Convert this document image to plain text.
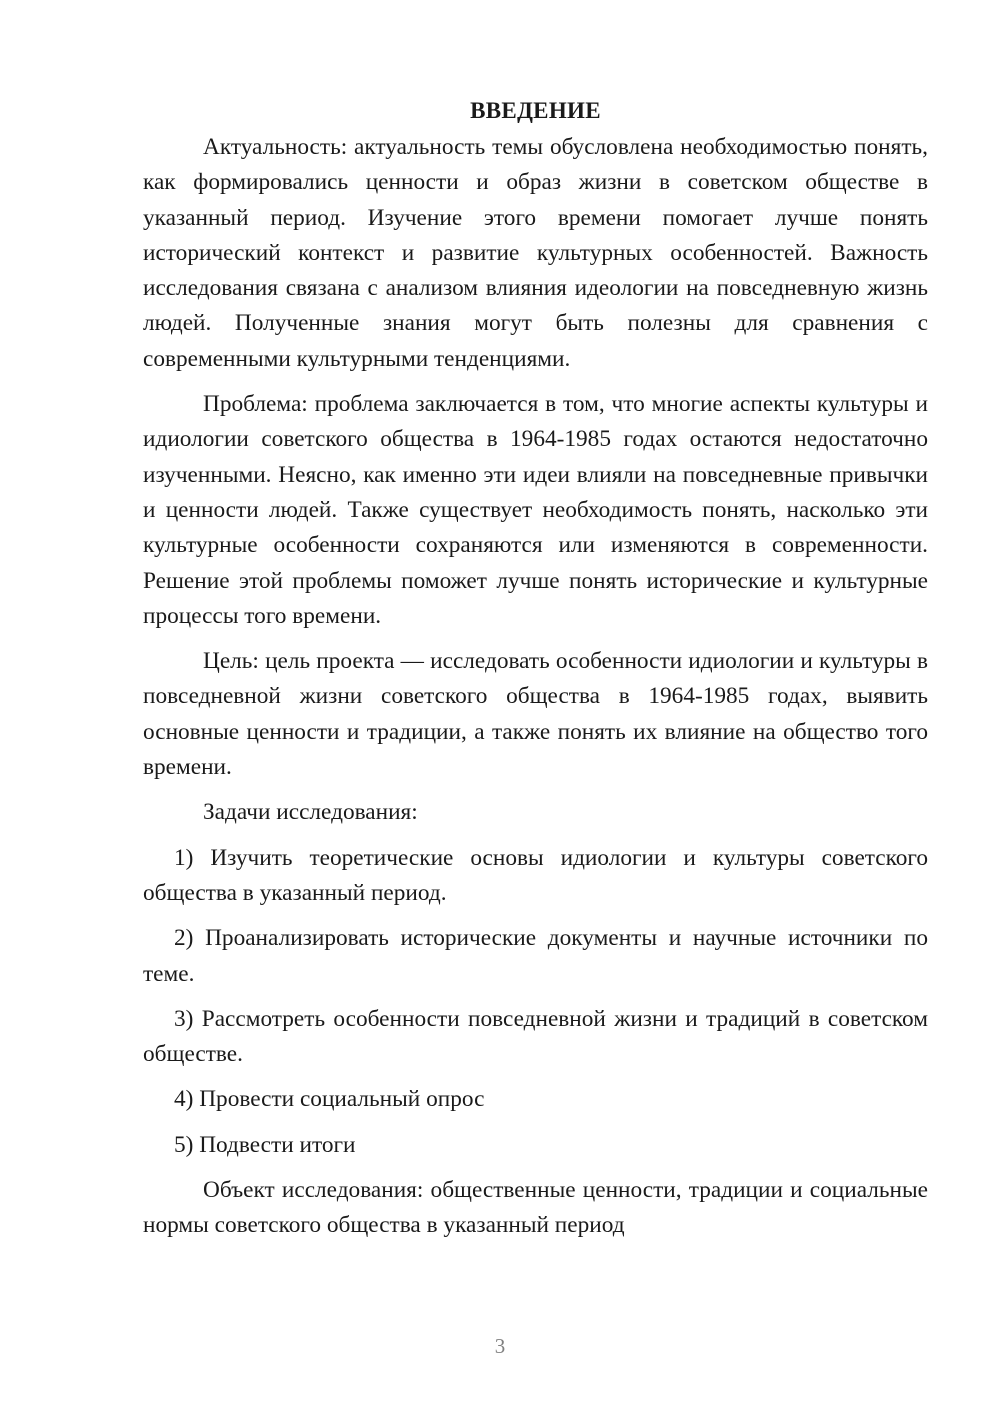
ВВЕДЕНИЕ

Актуальность: актуальность темы обусловлена необходимостью понять, как формировались ценности и образ жизни в советском обществе в указанный период. Изучение этого времени помогает лучше понять исторический контекст и развитие культурных особенностей. Важность исследования связана с анализом влияния идеологии на повседневную жизнь людей. Полученные знания могут быть полезны для сравнения с современными культурными тенденциями.

Проблема: проблема заключается в том, что многие аспекты культуры и идиологии советского общества в 1964-1985 годах остаются недостаточно изученными. Неясно, как именно эти идеи влияли на повседневные привычки и ценности людей. Также существует необходимость понять, насколько эти культурные особенности сохраняются или изменяются в современности. Решение этой проблемы поможет лучше понять исторические и культурные процессы того времени.

Цель: цель проекта — исследовать особенности идиологии и культуры в повседневной жизни советского общества в 1964-1985 годах, выявить основные ценности и традиции, а также понять их влияние на общество того времени.

Задачи исследования:

1) Изучить теоретические основы идиологии и культуры советского общества в указанный период.

2) Проанализировать исторические документы и научные источники по теме.

3) Рассмотреть особенности повседневной жизни и традиций в советском обществе.

4) Провести социальный опрос

5) Подвести итоги

Объект исследования: общественные ценности, традиции и социальные нормы советского общества в указанный период

3
